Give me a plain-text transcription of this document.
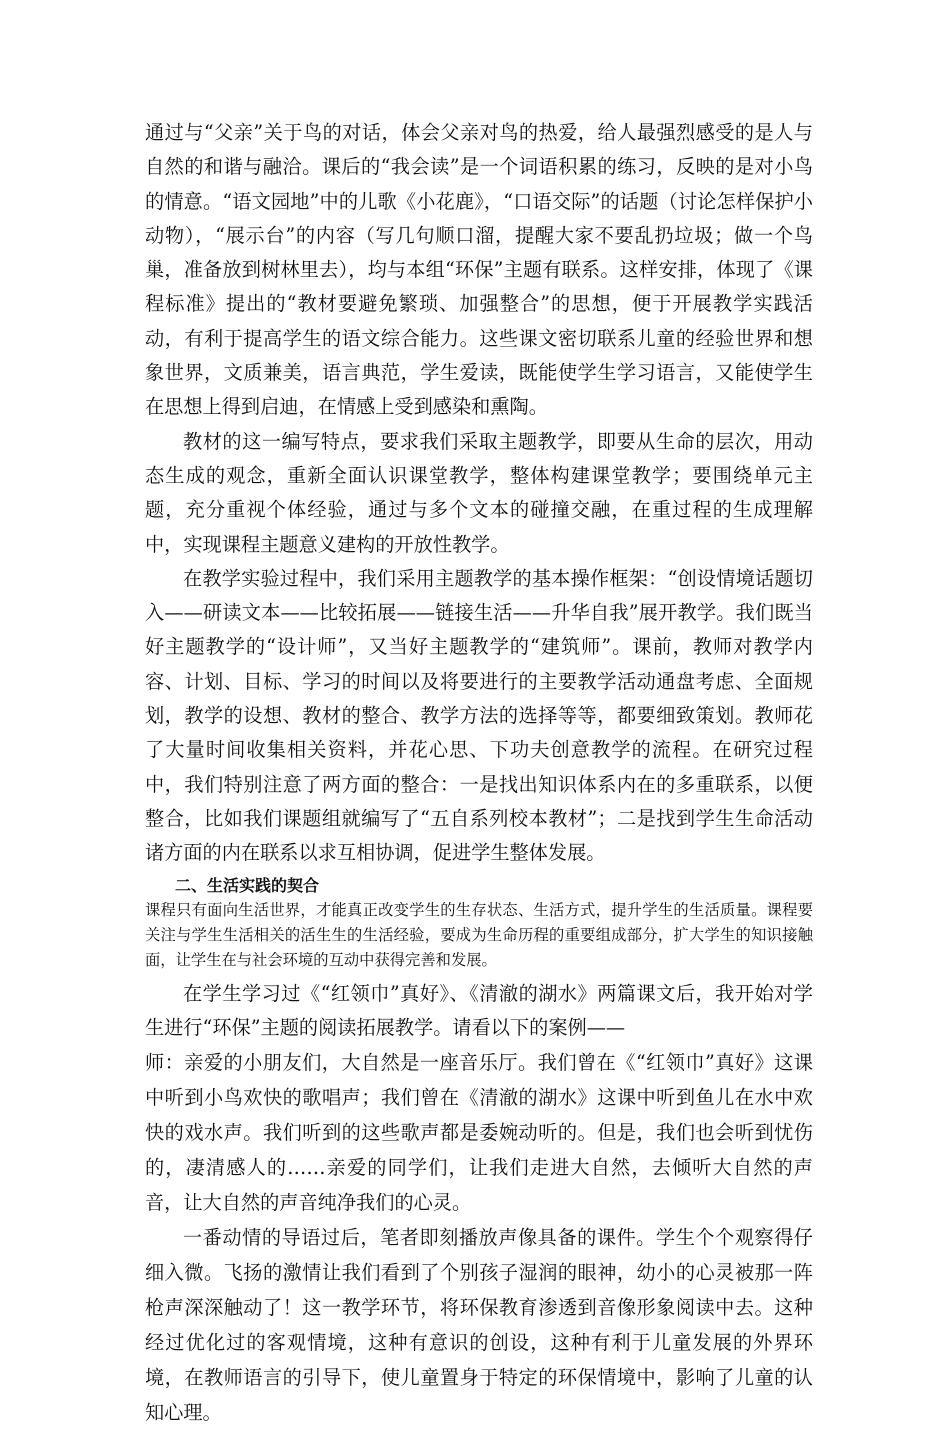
通过与“父亲”关于鸟的对话，体会父亲对鸟的热爱，给人最强烈感受的是人与自然的和谐与融洽。课后的“我会读”是一个词语积累的练习，反映的是对小鸟的情意。“语文园地”中的儿歌《小花鹿》，“口语交际”的话题（讨论怎样保护小动物），“展示台”的内容（写几句顺口溜，提醒大家不要乱扔垃圾；做一个鸟巢，准备放到树林里去），均与本组“环保”主题有联系。这样安排，体现了《课程标准》提出的“教材要避免繁琐、加强整合”的思想，便于开展教学实践活动，有利于提高学生的语文综合能力。这些课文密切联系儿童的经验世界和想象世界，文质兼美，语言典范，学生爱读，既能使学生学习语言，又能使学生在思想上得到启迪，在情感上受到感染和熏陶。

教材的这一编写特点，要求我们采取主题教学，即要从生命的层次，用动态生成的观念，重新全面认识课堂教学，整体构建课堂教学；要围绕单元主题，充分重视个体经验，通过与多个文本的碰撞交融，在重过程的生成理解中，实现课程主题意义建构的开放性教学。

在教学实验过程中，我们采用主题教学的基本操作框架：“创设情境话题切入——研读文本——比较拓展——链接生活——升华自我”展开教学。我们既当好主题教学的“设计师”，又当好主题教学的“建筑师”。课前，教师对教学内容、计划、目标、学习的时间以及将要进行的主要教学活动通盘考虑、全面规划，教学的设想、教材的整合、教学方法的选择等等，都要细致策划。教师花了大量时间收集相关资料，并花心思、下功夫创意教学的流程。在研究过程中，我们特别注意了两方面的整合：一是找出知识体系内在的多重联系，以便整合，比如我们课题组就编写了“五自系列校本教材”；二是找到学生生命活动诸方面的内在联系以求互相协调，促进学生整体发展。

二、生活实践的契合

课程只有面向生活世界，才能真正改变学生的生存状态、生活方式，提升学生的生活质量。课程要关注与学生生活相关的活生生的生活经验，要成为生命历程的重要组成部分，扩大学生的知识接触面，让学生在与社会环境的互动中获得完善和发展。

在学生学习过《“红领巾”真好》、《清澈的湖水》两篇课文后，我开始对学生进行“环保”主题的阅读拓展教学。请看以下的案例——

师：亲爱的小朋友们，大自然是一座音乐厅。我们曾在《“红领巾”真好》这课中听到小鸟欢快的歌唱声；我们曾在《清澈的湖水》这课中听到鱼儿在水中欢快的戏水声。我们听到的这些歌声都是委婉动听的。但是，我们也会听到忧伤的，凄清感人的……亲爱的同学们，让我们走进大自然，去倾听大自然的声音，让大自然的声音纯净我们的心灵。

一番动情的导语过后，笔者即刻播放声像具备的课件。学生个个观察得仔细入微。飞扬的激情让我们看到了个别孩子湿润的眼神，幼小的心灵被那一阵枪声深深触动了！这一教学环节，将环保教育渗透到音像形象阅读中去。这种经过优化过的客观情境，这种有意识的创设，这种有利于儿童发展的外界环境，在教师语言的引导下，使儿童置身于特定的环保情境中，影响了儿童的认知心理。
